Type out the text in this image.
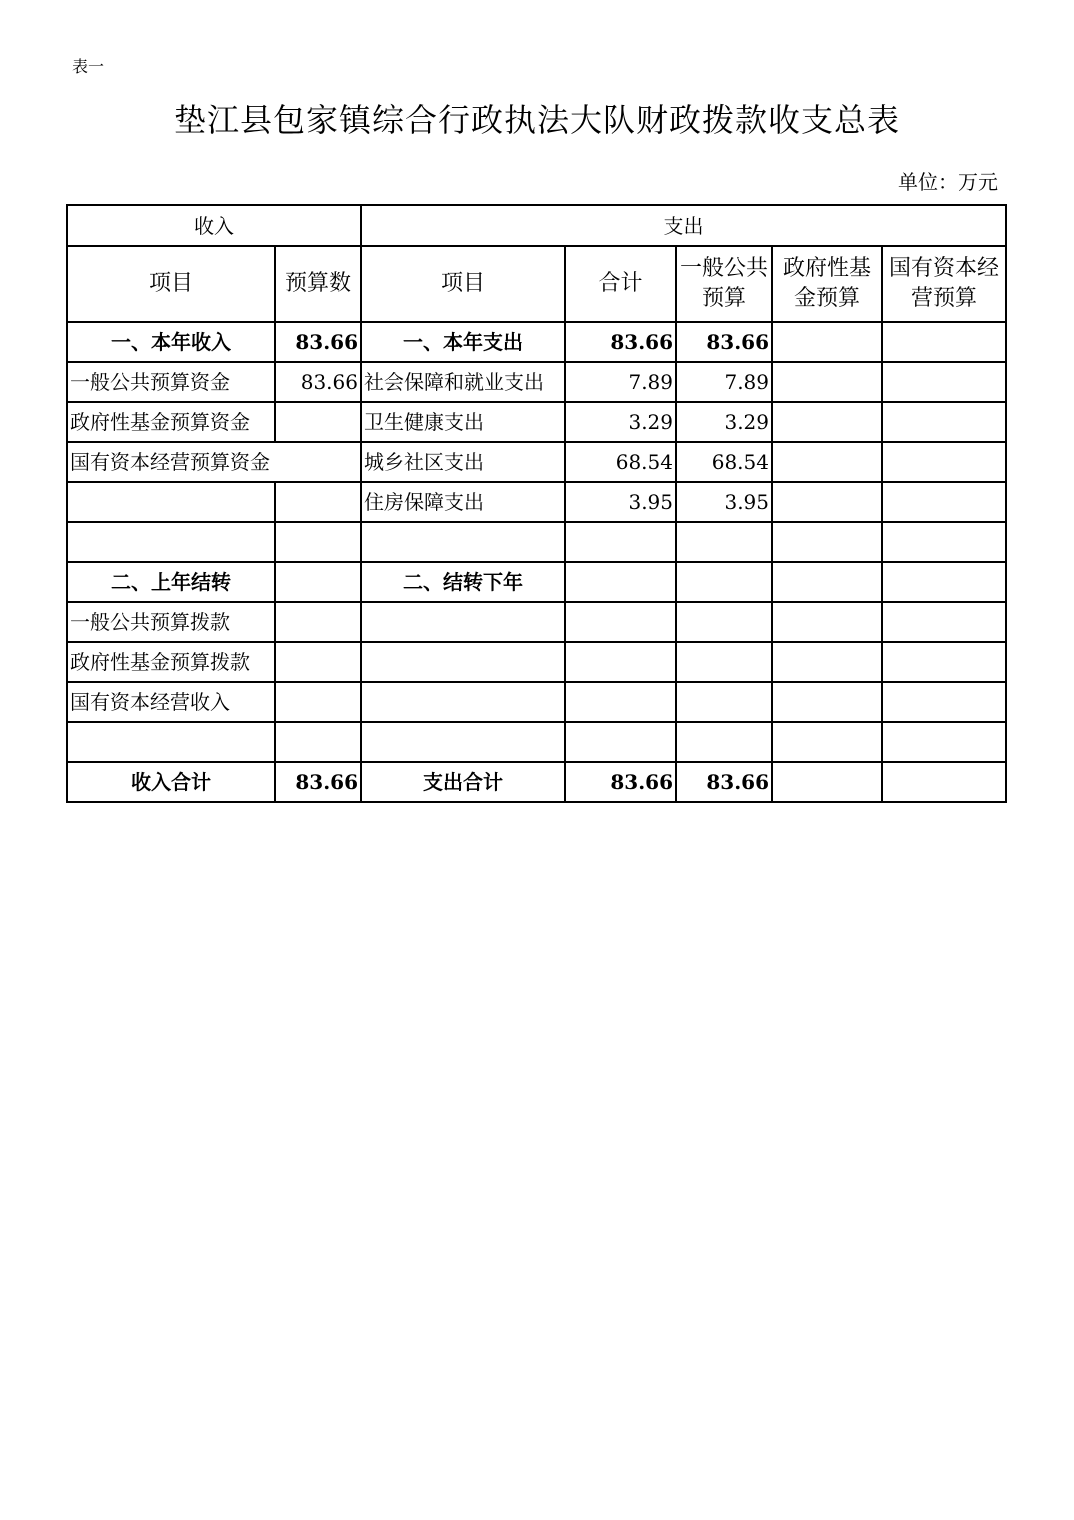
表一
垫江县包家镇综合行政执法大队财政拨款收支总表
单位：万元
收入		支出				
项目	预算数	项目	合计	一般公共预算	政府性基金预算	国有资本经营预算
一、本年收入	83.66	一、本年支出	83.66	83.66		
一般公共预算资金	83.66	社会保障和就业支出	7.89	7.89		
政府性基金预算资金		卫生健康支出	3.29	3.29		
国有资本经营预算资金		城乡社区支出	68.54	68.54		
		住房保障支出	3.95	3.95		

二、上年结转		二、结转下年				
一般公共预算拨款						
政府性基金预算拨款						
国有资本经营收入						

收入合计	83.66	支出合计	83.66	83.66		
